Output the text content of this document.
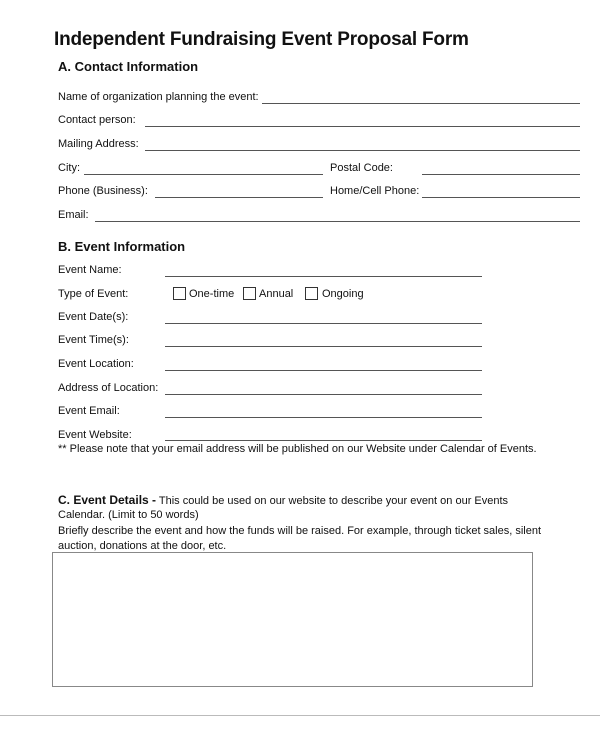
Independent Fundraising Event Proposal Form
A. Contact Information
Name of organization planning the event:
Contact person:
Mailing Address:
City:	Postal Code:
Phone (Business):	Home/Cell Phone:
Email:
B. Event Information
Event Name:
Type of Event:	One-time Annual	Ongoing
Event Date(s):
Event Time(s):
Event Location:
Address of Location:
Event Email:
Event Website:
** Please note that your email address will be published on our Website under Calendar of Events.
C. Event Details - This could be used on our website to describe your event on our Events
Calendar. (Limit to 50 words)
Briefly describe the event and how the funds will be raised. For example, through ticket sales, silent
auction, donations at the door, etc.
